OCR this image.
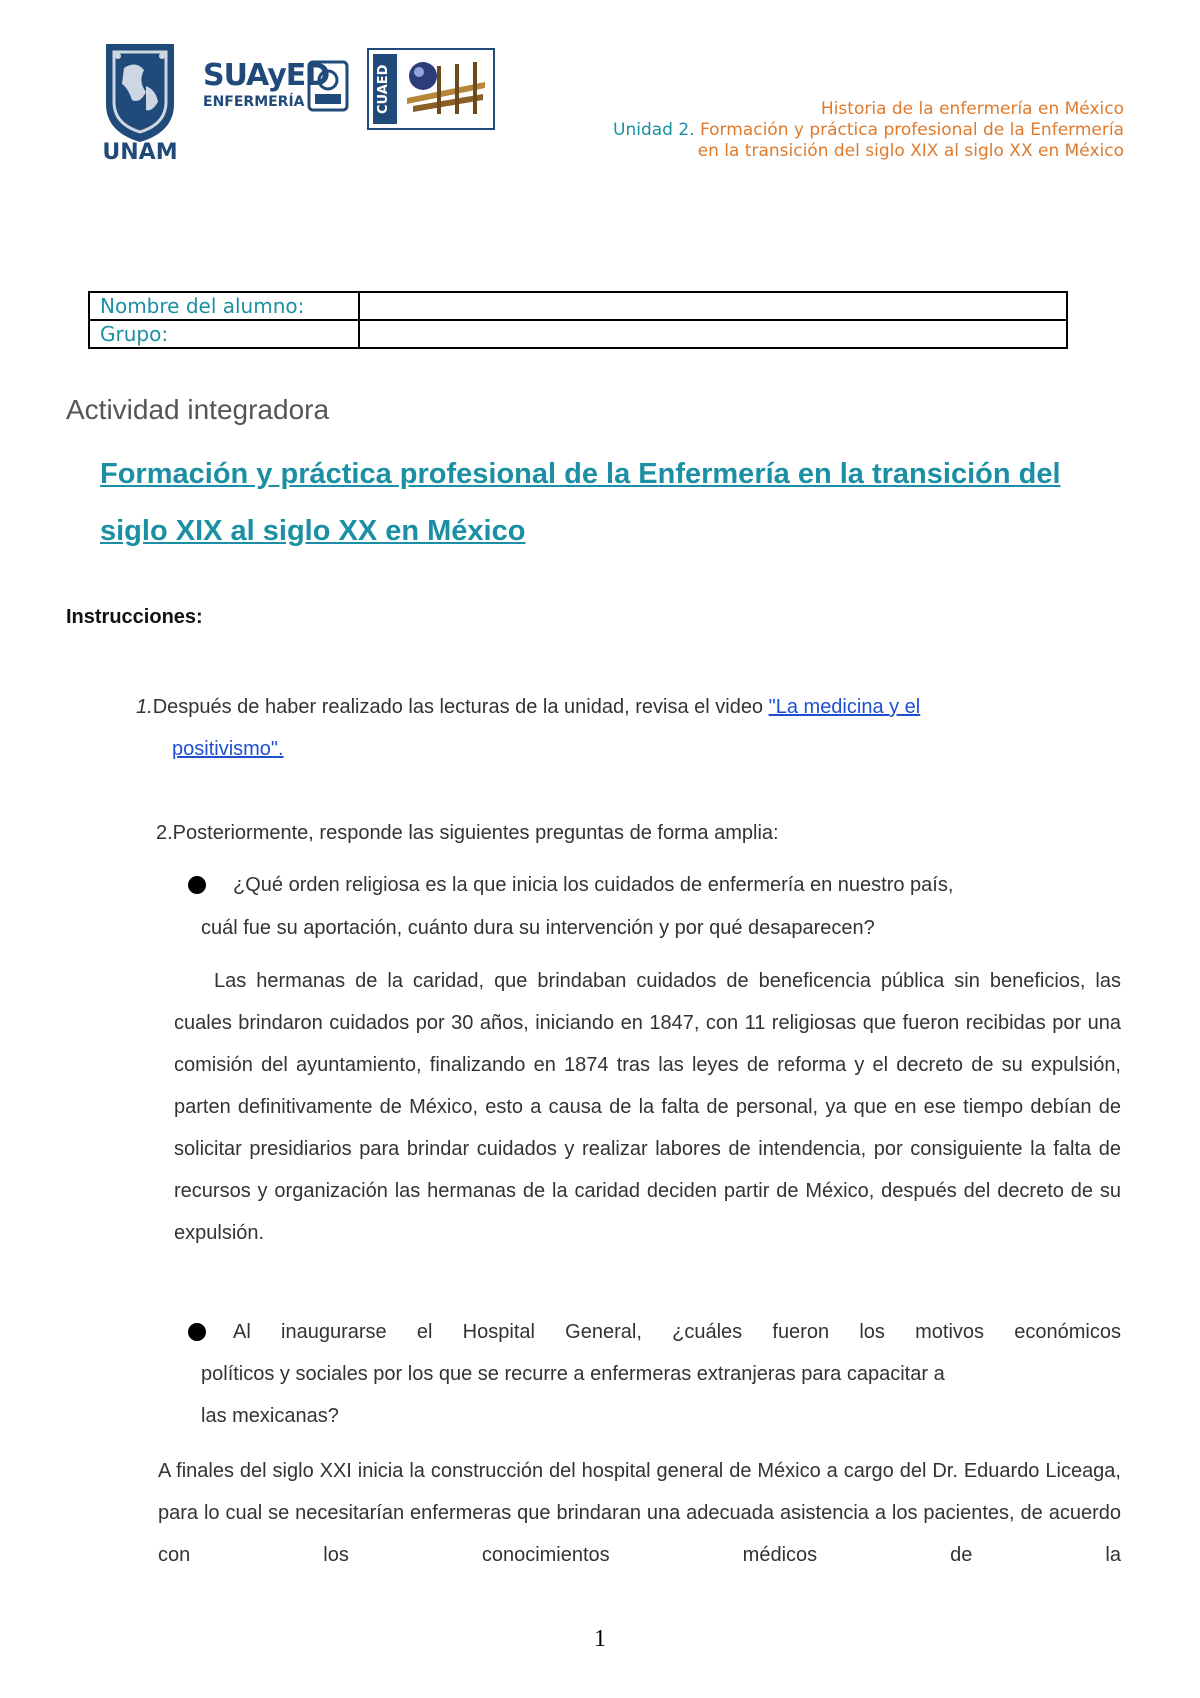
UNAM
SUAyED
ENFERMERÍA	CUAED	Historia de la enfermería en México
Unidad 2. Formación y práctica profesional de la Enfermería
en la transición del siglo XIX al siglo XX en México
Nombre del alumno:	
Grupo:	
Actividad integradora
Formación y práctica profesional de la Enfermería en la transición del siglo XIX al siglo XX en México
Instrucciones:
1.Después de haber realizado las lecturas de la unidad, revisa el video "La medicina y el
positivismo".
2.Posteriormente, responde las siguientes preguntas de forma amplia:
¿Qué orden religiosa es la que inicia los cuidados de enfermería en nuestro país,
cuál fue su aportación, cuánto dura su intervención y por qué desaparecen?
Las hermanas de la caridad, que brindaban cuidados de beneficencia pública sin beneficios, las cuales brindaron cuidados por 30 años, iniciando en 1847, con 11 religiosas que fueron recibidas por una comisión del ayuntamiento, finalizando en 1874 tras las leyes de reforma y el decreto de su expulsión, parten definitivamente de México, esto a causa de la falta de personal, ya que en ese tiempo debían de solicitar presidiarios para brindar cuidados y realizar labores de intendencia, por consiguiente la falta de recursos y organización las hermanas de la caridad deciden partir de México, después del decreto de su expulsión.
Al inaugurarse el Hospital General, ¿cuáles fueron los motivos económicos
políticos y sociales por los que se recurre a enfermeras extranjeras para capacitar a
las mexicanas?
A finales del siglo XXI inicia la construcción del hospital general de México a cargo del Dr. Eduardo Liceaga, para lo cual se necesitarían enfermeras que brindaran una adecuada asistencia a los pacientes, de acuerdo con los conocimientos médicos de la
1
